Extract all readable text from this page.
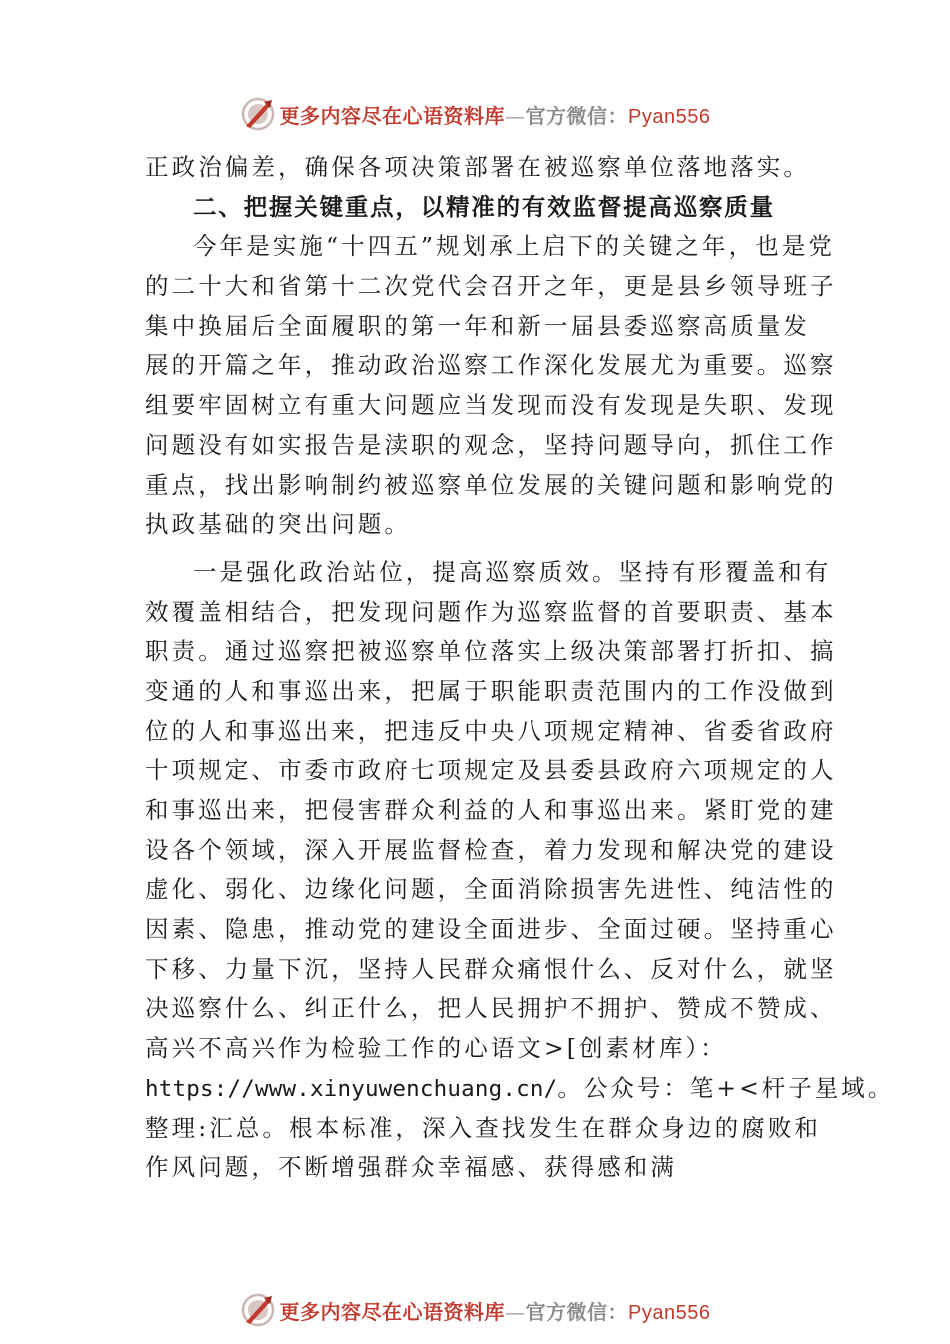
更多内容尽在心语资料库—官方微信：Pyan556
正政治偏差，确保各项决策部署在被巡察单位落地落实。
二、把握关键重点，以精准的有效监督提高巡察质量
今年是实施“十四五”规划承上启下的关键之年，也是党
的二十大和省第十二次党代会召开之年，更是县乡领导班子
集中换届后全面履职的第一年和新一届县委巡察高质量发
展的开篇之年，推动政治巡察工作深化发展尤为重要。巡察
组要牢固树立有重大问题应当发现而没有发现是失职、发现
问题没有如实报告是渎职的观念，坚持问题导向，抓住工作
重点，找出影响制约被巡察单位发展的关键问题和影响党的
执政基础的突出问题。
一是强化政治站位，提高巡察质效。坚持有形覆盖和有
效覆盖相结合，把发现问题作为巡察监督的首要职责、基本
职责。通过巡察把被巡察单位落实上级决策部署打折扣、搞
变通的人和事巡出来，把属于职能职责范围内的工作没做到
位的人和事巡出来，把违反中央八项规定精神、省委省政府
十项规定、市委市政府七项规定及县委县政府六项规定的人
和事巡出来，把侵害群众利益的人和事巡出来。紧盯党的建
设各个领域，深入开展监督检查，着力发现和解决党的建设
虚化、弱化、边缘化问题，全面消除损害先进性、纯洁性的
因素、隐患，推动党的建设全面进步、全面过硬。坚持重心
下移、力量下沉，坚持人民群众痛恨什么、反对什么，就坚
决巡察什么、纠正什么，把人民拥护不拥护、赞成不赞成、
高兴不高兴作为检验工作的心语文>[创素材库）：
https://www.xinyuwenchuang.cn/。公众号：笔+<杆子星域。
整理:汇总。根本标准，深入查找发生在群众身边的腐败和
作风问题，不断增强群众幸福感、获得感和满
更多内容尽在心语资料库—官方微信：Pyan556
